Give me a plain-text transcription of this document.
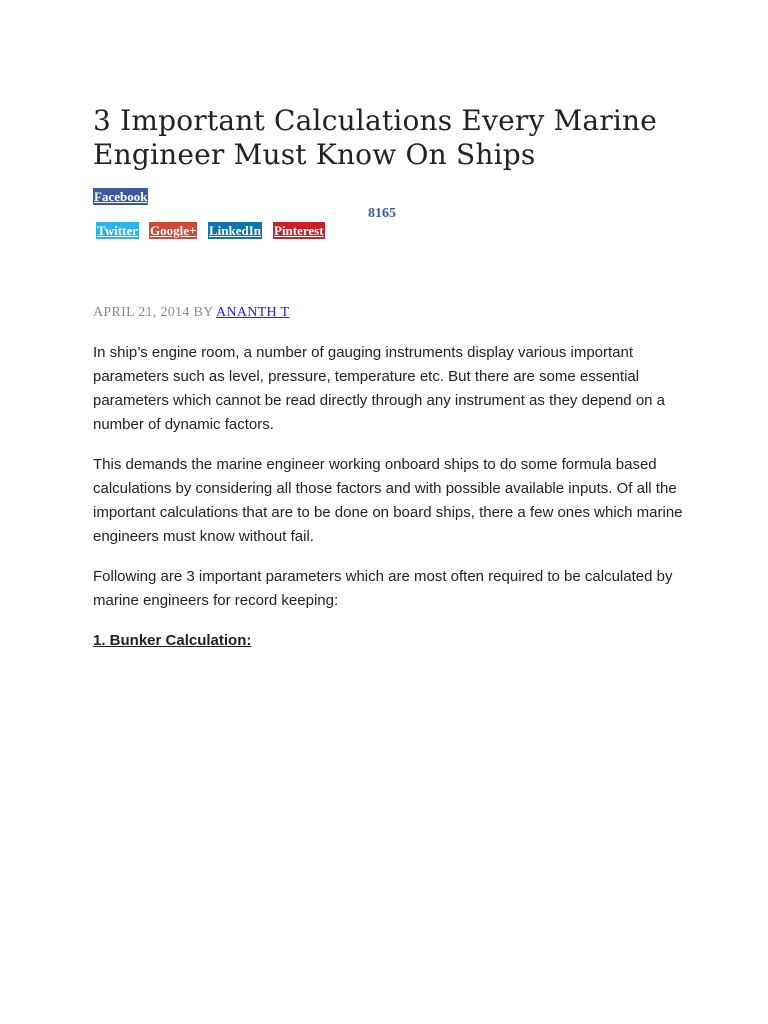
3 Important Calculations Every Marine Engineer Must Know On Ships
Facebook
8165
Twitter Google+ LinkedIn Pinterest
APRIL 21, 2014 BY ANANTH T

In ship’s engine room, a number of gauging instruments display various important parameters such as level, pressure, temperature etc. But there are some essential parameters which cannot be read directly through any instrument as they depend on a number of dynamic factors.

This demands the marine engineer working onboard ships to do some formula based calculations by considering all those factors and with possible available inputs. Of all the important calculations that are to be done on board ships, there a few ones which marine engineers must know without fail.

Following are 3 important parameters which are most often required to be calculated by marine engineers for record keeping:

1. Bunker Calculation:
